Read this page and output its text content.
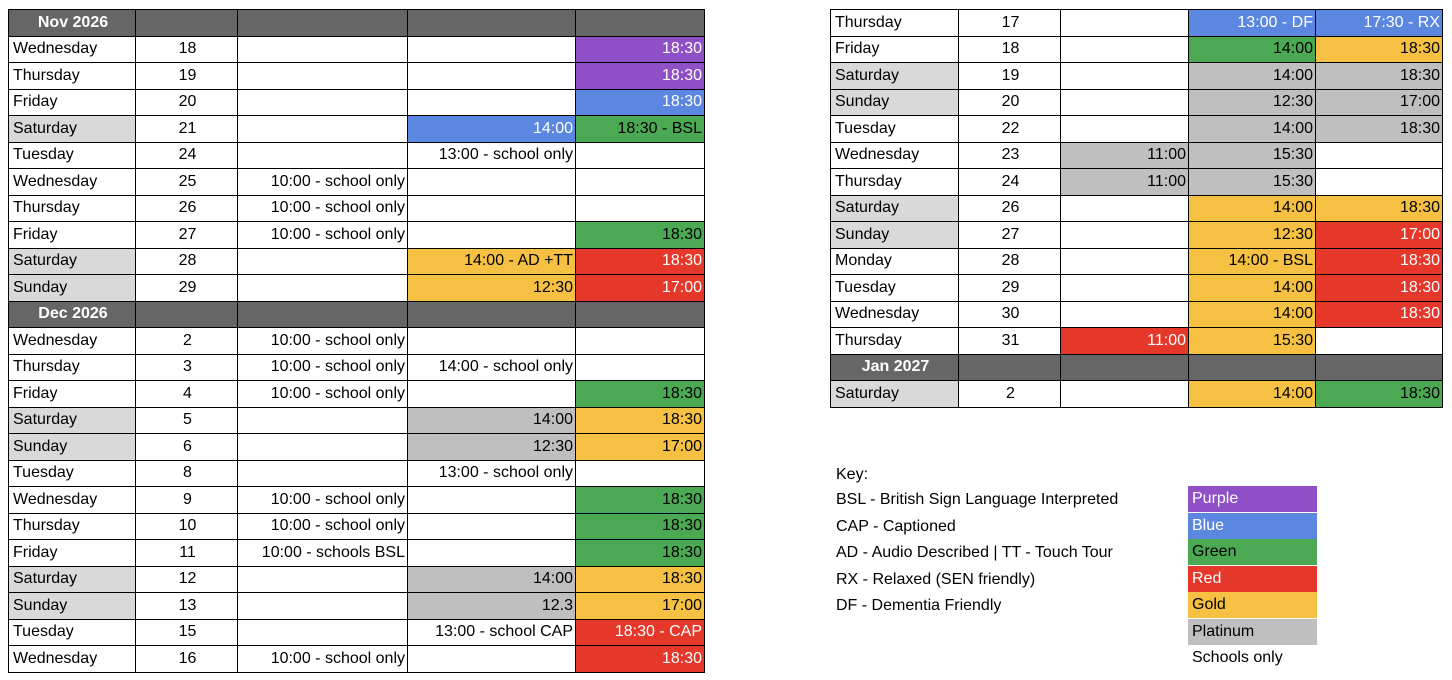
Nov 2026				
Wednesday	18			18:30
Thursday	19			18:30
Friday	20			18:30
Saturday	21		14:00	18:30 - BSL
Tuesday	24		13:00 - school only	
Wednesday	25	10:00 - school only		
Thursday	26	10:00 - school only		
Friday	27	10:00 - school only		18:30
Saturday	28		14:00 - AD +TT	18:30
Sunday	29		12:30	17:00
Dec 2026				
Wednesday	2	10:00 - school only		
Thursday	3	10:00 - school only	14:00 - school only	
Friday	4	10:00 - school only		18:30
Saturday	5		14:00	18:30
Sunday	6		12:30	17:00
Tuesday	8		13:00 - school only	
Wednesday	9	10:00 - school only		18:30
Thursday	10	10:00 - school only		18:30
Friday	11	10:00 - schools BSL		18:30
Saturday	12		14:00	18:30
Sunday	13		12.3	17:00
Tuesday	15		13:00 - school CAP	18:30 - CAP
Wednesday	16	10:00 - school only		18:30
Thursday	17		13:00 - DF	17:30 - RX
Friday	18		14:00	18:30
Saturday	19		14:00	18:30
Sunday	20		12:30	17:00
Tuesday	22		14:00	18:30
Wednesday	23	11:00	15:30	
Thursday	24	11:00	15:30	
Saturday	26		14:00	18:30
Sunday	27		12:30	17:00
Monday	28		14:00 - BSL	18:30
Tuesday	29		14:00	18:30
Wednesday	30		14:00	18:30
Thursday	31	11:00	15:30	
Jan 2027				
Saturday	2		14:00	18:30
Key:
BSL - British Sign Language Interpreted
CAP - Captioned
AD - Audio Described | TT - Touch Tour
RX - Relaxed (SEN friendly)
DF - Dementia Friendly
Purple
Blue
Green
Red
Gold
Platinum
Schools only
